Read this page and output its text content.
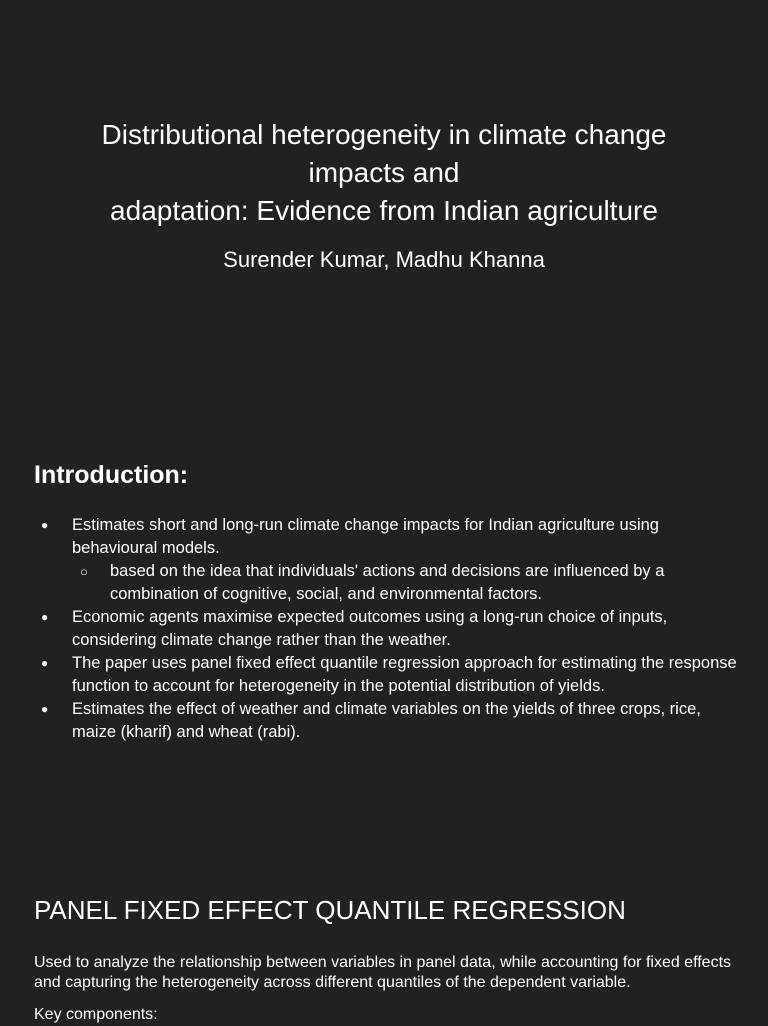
Distributional heterogeneity in climate change
impacts and
adaptation: Evidence from Indian agriculture

Surender Kumar, Madhu Khanna

Introduction:
● Estimates short and long-run climate change impacts for Indian agriculture using behavioural models.
○ based on the idea that individuals' actions and decisions are influenced by a combination of cognitive, social, and environmental factors.
● Economic agents maximise expected outcomes using a long-run choice of inputs, considering climate change rather than the weather.
● The paper uses panel fixed effect quantile regression approach for estimating the response function to account for heterogeneity in the potential distribution of yields.
● Estimates the effect of weather and climate variables on the yields of three crops, rice, maize (kharif) and wheat (rabi).
PANEL FIXED EFFECT QUANTILE REGRESSION

Used to analyze the relationship between variables in panel data, while accounting for fixed effects and capturing the heterogeneity across different quantiles of the dependent variable.

Key components:
